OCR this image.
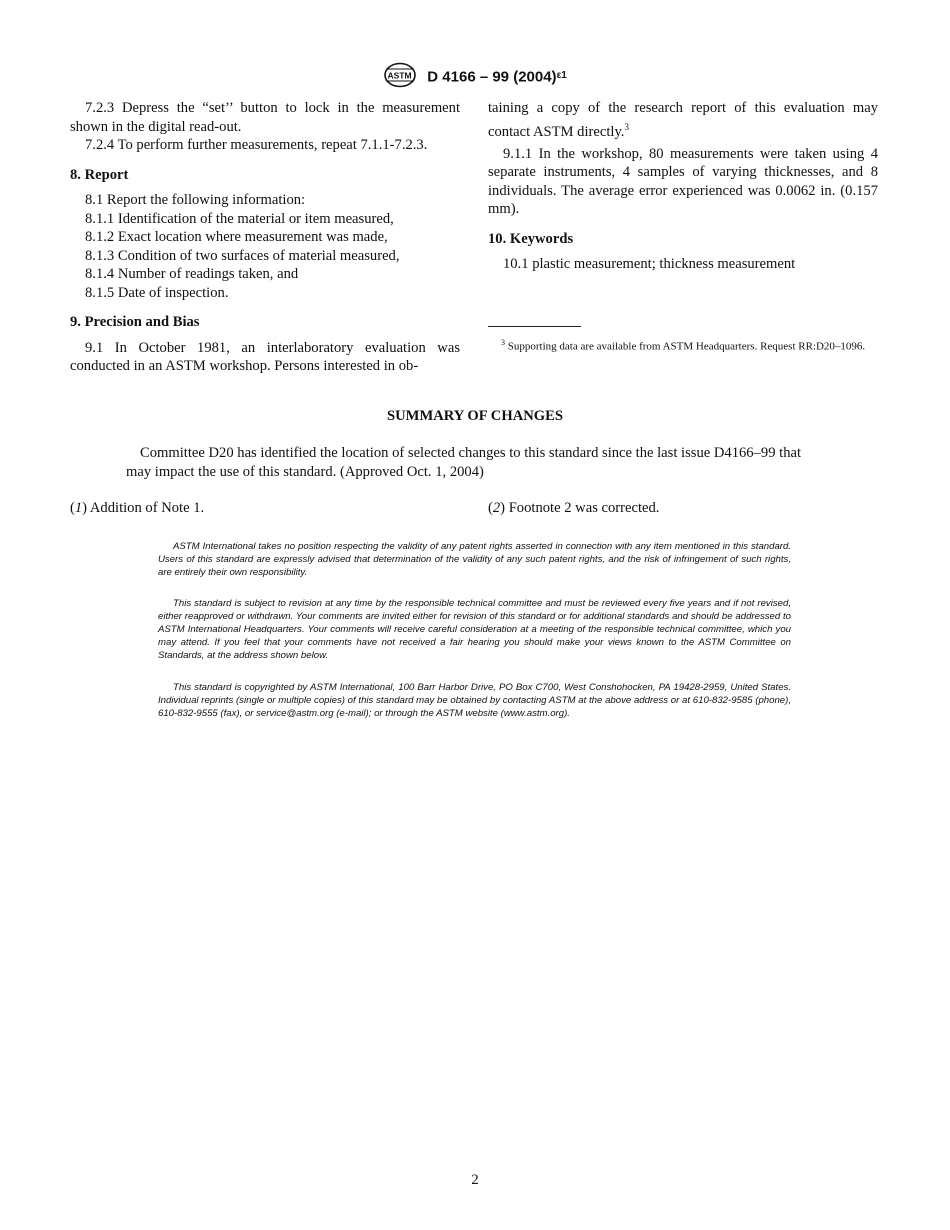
ASTM D 4166 – 99 $(2004)^{\varepsilon 1}$

7.2.3 Depress the “set’’ button to lock in the measurement shown in the digital read-out.

7.2.4 To perform further measurements, repeat 7.1.1-7.2.3.

8. Report

8.1 Report the following information:

8.1.1 Identification of the material or item measured,

8.1.2 Exact location where measurement was made,

8.1.3 Condition of two surfaces of material measured,

8.1.4 Number of readings taken, and

8.1.5 Date of inspection.

9. Precision and Bias

9.1 In October 1981, an interlaboratory evaluation was conducted in an ASTM workshop. Persons interested in ob-

taining a copy of the research report of this evaluation may contact ASTM directly.$^3$

9.1.1 In the workshop, 80 measurements were taken using 4 separate instruments, 4 samples of varying thicknesses, and 8 individuals. The average error experienced was 0.0062 in. (0.157 mm).

10. Keywords

10.1 plastic measurement; thickness measurement

$^3$ Supporting data are available from ASTM Headquarters. Request RR:D20–1096.
SUMMARY OF CHANGES
Committee D20 has identified the location of selected changes to this standard since the last issue D4166–99 that may impact the use of this standard. (Approved Oct. 1, 2004)
(1) Addition of Note 1.	(2) Footnote 2 was corrected.
ASTM International takes no position respecting the validity of any patent rights asserted in connection with any item mentioned in this standard. Users of this standard are expressly advised that determination of the validity of any such patent rights, and the risk of infringement of such rights, are entirely their own responsibility.
This standard is subject to revision at any time by the responsible technical committee and must be reviewed every five years and if not revised, either reapproved or withdrawn. Your comments are invited either for revision of this standard or for additional standards and should be addressed to ASTM International Headquarters. Your comments will receive careful consideration at a meeting of the responsible technical committee, which you may attend. If you feel that your comments have not received a fair hearing you should make your views known to the ASTM Committee on Standards, at the address shown below.
This standard is copyrighted by ASTM International, 100 Barr Harbor Drive, PO Box C700, West Conshohocken, PA 19428-2959, United States. Individual reprints (single or multiple copies) of this standard may be obtained by contacting ASTM at the above address or at 610-832-9585 (phone), 610-832-9555 (fax), or service@astm.org (e-mail); or through the ASTM website (www.astm.org).
2
